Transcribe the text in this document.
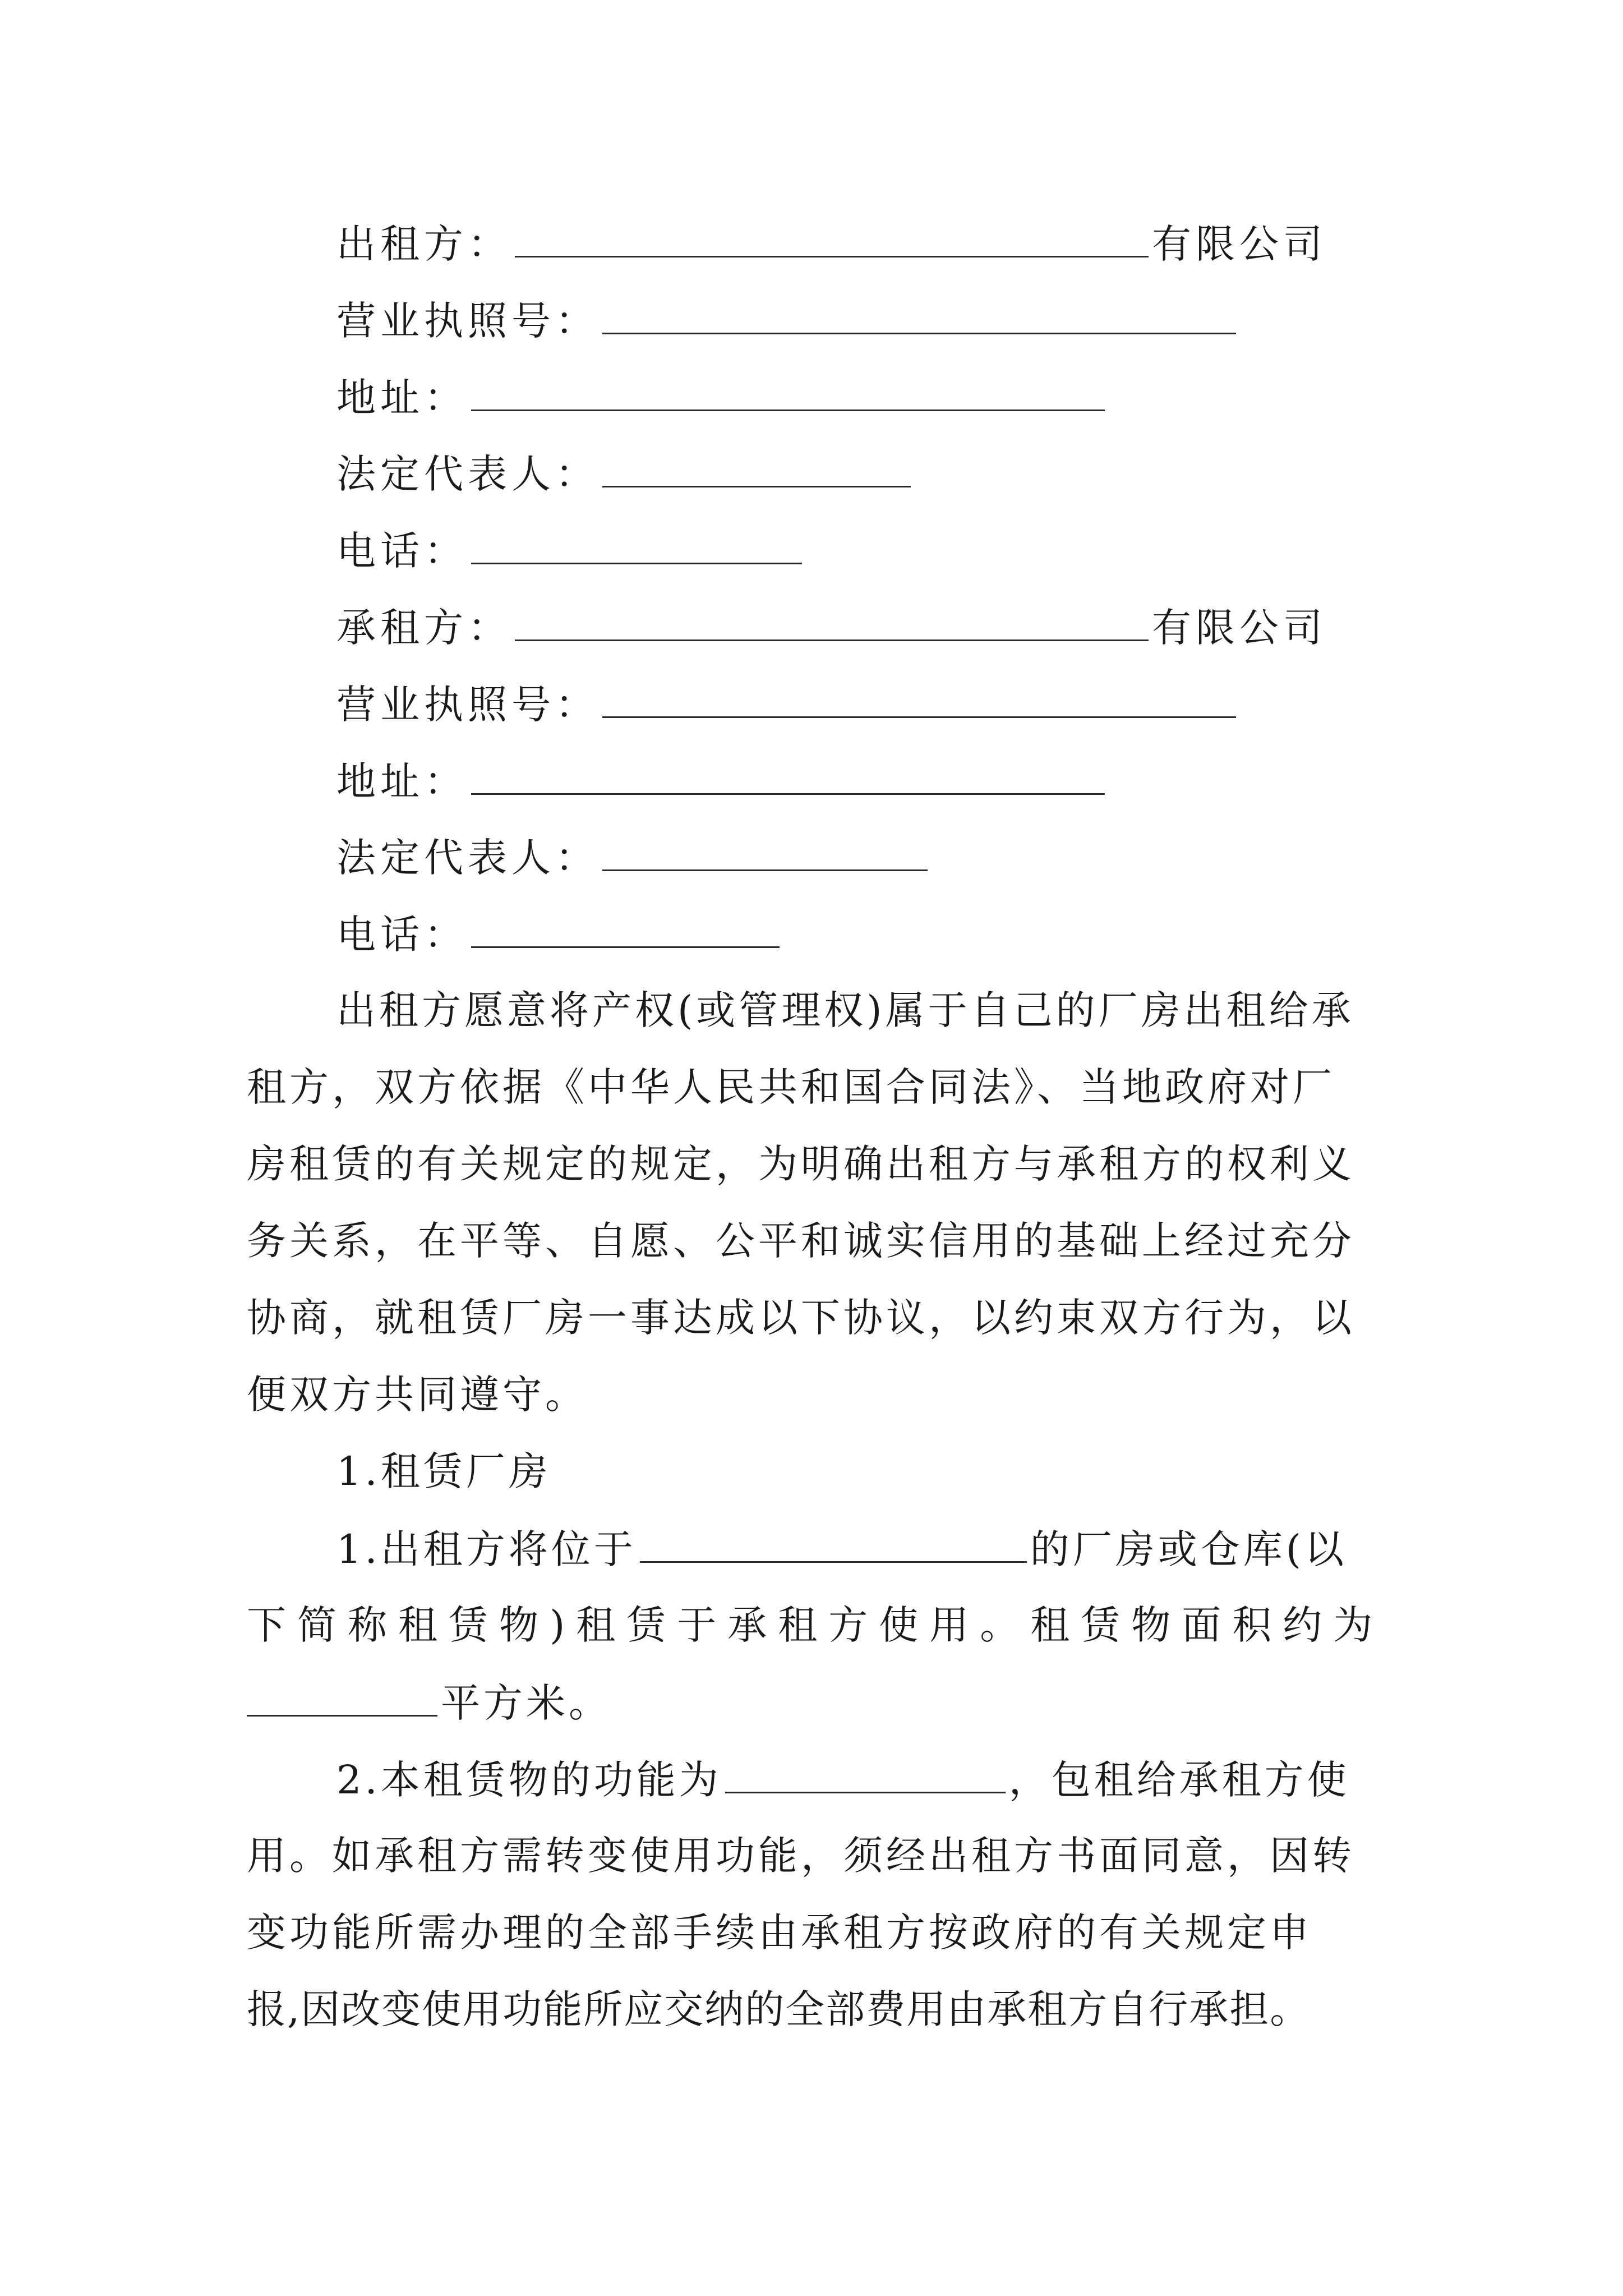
出租方：	有限公司
营业执照号：
地址：
法定代表人：
电话：
承租方：	有限公司
营业执照号：
地址：
法定代表人：
电话：
出租方愿意将产权(或管理权)属于自己的厂房出租给承
租方，双方依据《中华人民共和国合同法》、当地政府对厂
房租赁的有关规定的规定，为明确出租方与承租方的权利义
务关系，在平等、自愿、公平和诚实信用的基础上经过充分
协商，就租赁厂房一事达成以下协议，以约束双方行为，以
便双方共同遵守。
1.租赁厂房
1.出租方将位于	的厂房或仓库(以
下简称租赁物)租赁于承租方使用。租赁物面积约为
平方米。
2.本租赁物的功能为	，包租给承租方使
用。如承租方需转变使用功能，须经出租方书面同意，因转
变功能所需办理的全部手续由承租方按政府的有关规定申
报,因改变使用功能所应交纳的全部费用由承租方自行承担。
